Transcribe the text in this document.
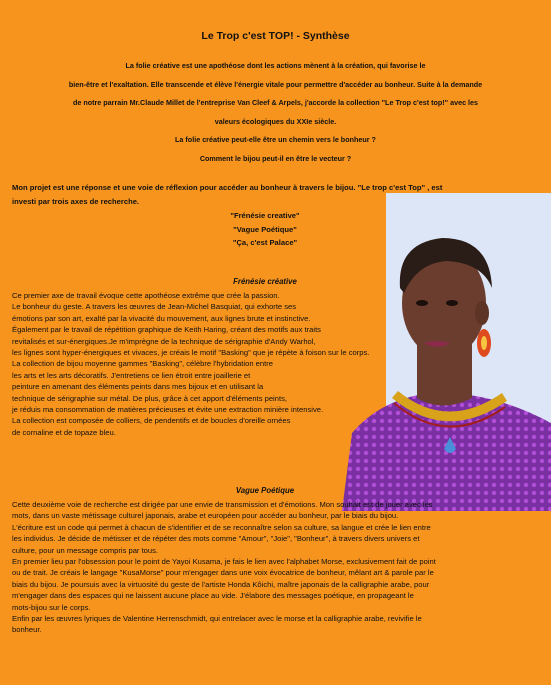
Le Trop c'est TOP! - Synthèse

La folie créative est une apothéose dont les actions mènent à la création, qui favorise le

bien-être et l'exaltation. Elle transcende et élève l'énergie vitale pour permettre d'accéder au bonheur. Suite à la demande

de notre parrain Mr.Claude Millet de l'entreprise Van Cleef & Arpels, j'accorde la collection "Le Trop c'est top!" avec les

valeurs écologiques du XXIe siècle.

La folie créative peut-elle être un chemin vers le bonheur ?

Comment le bijou peut-il en être le vecteur ?

Mon projet est une réponse et une voie de réflexion pour accéder au bonheur à travers le bijou. "Le trop c'est Top" , est
investi par trois axes de recherche.
"Frénésie creative"
"Vague Poétique"
"Ça, c'est Palace"
Frénésie créative

Ce premier axe de travail évoque cette apothéose extrême que crée la passion.

Le bonheur du geste. A travers les œuvres de Jean-Michel Basquiat, qui exhorte ses

émotions par son art, exalté par la vivacité du mouvement, aux lignes brute et instinctive.

Également par le travail de répétition graphique de Keith Haring, créant des motifs aux traits

revitalisés et sur-énergiques.Je m'imprègne de la technique de sérigraphie d'Andy Warhol,

les lignes sont hyper-énergiques et vivaces, je créais le motif "Basking" que je répète à foison sur le corps.

La collection de bijou moyenne gammes "Basking", célèbre l'hybridation entre

les arts et les arts décoratifs. J'entretiens ce lien étroit entre joaillerie et

peinture en amenant des éléments peints dans mes bijoux et en utilisant la

technique de sérigraphie sur métal. De plus, grâce à cet apport d'éléments peints,

je réduis ma consommation de matières précieuses et évite une extraction minière intensive.

La collection est composée de colliers, de pendentifs et de boucles d'oreille ornées

de cornaline et de topaze bleu.

Vague Poétique

Cette deuxième voie de recherche est dirigée par une envie de transmission et d'émotions. Mon souhait est de jouer avec les

mots, dans un vaste métissage culturel japonais, arabe et européen pour accéder au bonheur, par le biais du bijou.

L'écriture est un code qui permet à chacun de s'identifier et de se reconnaître selon sa culture, sa langue et crée le lien entre

les individus. Je décide de métisser et de répéter des mots comme "Amour", "Joie", "Bonheur", à travers divers univers et

culture, pour un message compris par tous.

En premier lieu par l'obsession pour le point de Yayoi Kusama, je fais le lien avec l'alphabet Morse, exclusivement fait de point

ou de trait. Je créais le langage "KusaMorse" pour m'engager dans une voix évocatrice de bonheur, mêlant art & parole par le

biais du bijou. Je poursuis avec la virtuosité du geste de l'artiste Honda Kôichi, maître japonais de la calligraphie arabe, pour

m'engager dans des espaces qui ne laissent aucune place au vide. J'élabore des messages poétique, en propageant le

mots-bijou sur le corps.

Enfin par les œuvres lyriques de Valentine Herrenschmidt, qui entrelacer avec le morse et la calligraphie arabe, revivifie le

bonheur.
